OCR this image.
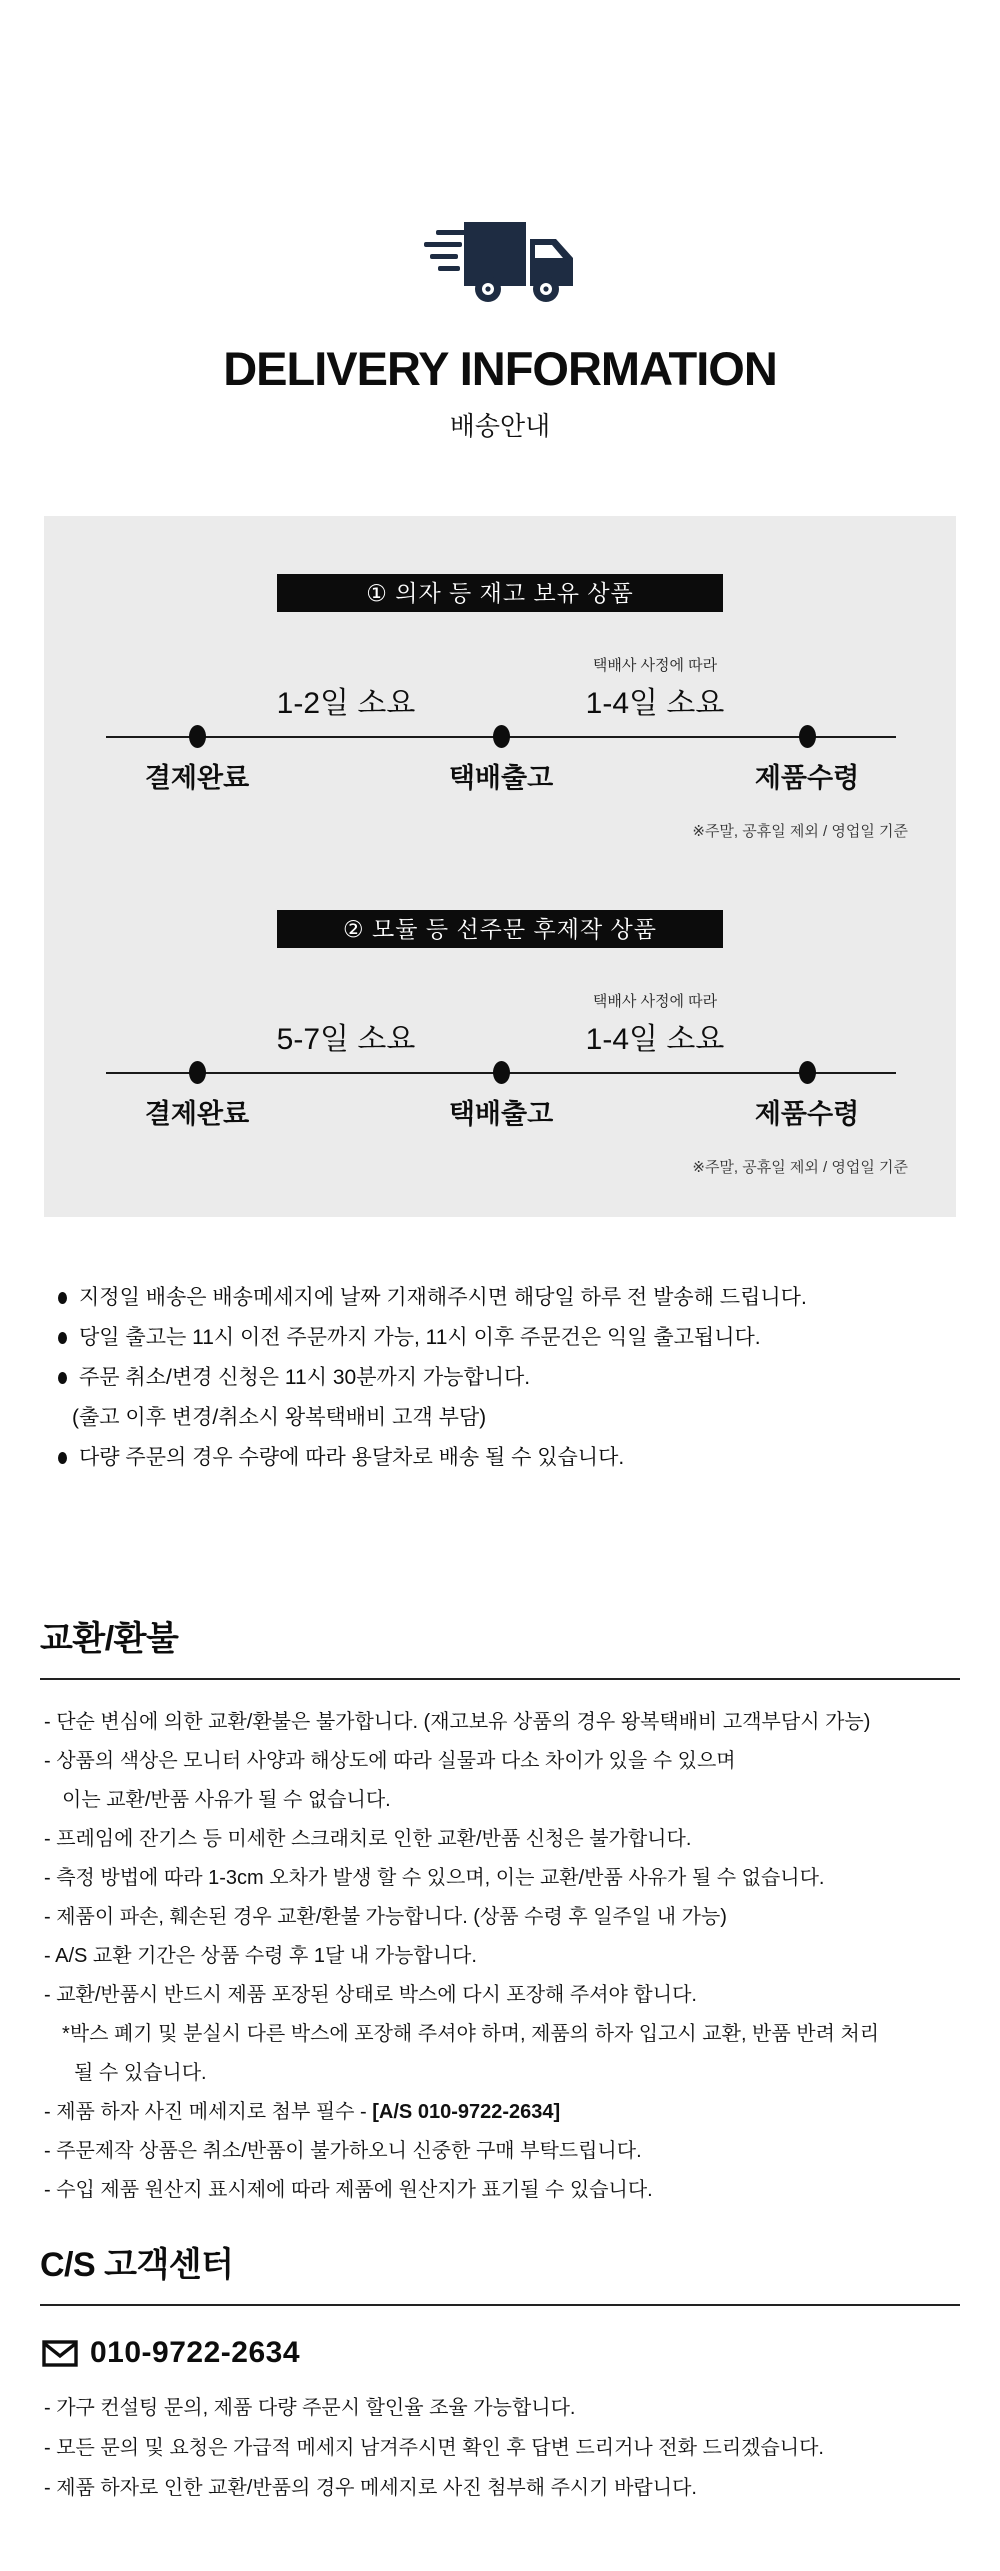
DELIVERY INFORMATION
배송안내
① 의자 등 재고 보유 상품
택배사 사정에 따라
1-2일 소요	1-4일 소요
결제완료	택배출고	제품수령
※주말, 공휴일 제외 / 영업일 기준
② 모듈 등 선주문 후제작 상품
택배사 사정에 따라
5-7일 소요	1-4일 소요
결제완료	택배출고	제품수령
※주말, 공휴일 제외 / 영업일 기준
지정일 배송은 배송메세지에 날짜 기재해주시면 해당일 하루 전 발송해 드립니다.
당일 출고는 11시 이전 주문까지 가능, 11시 이후 주문건은 익일 출고됩니다.
주문 취소/변경 신청은 11시 30분까지 가능합니다.
(출고 이후 변경/취소시 왕복택배비 고객 부담)
다량 주문의 경우 수량에 따라 용달차로 배송 될 수 있습니다.
교환/환불
- 단순 변심에 의한 교환/환불은 불가합니다. (재고보유 상품의 경우 왕복택배비 고객부담시 가능)
- 상품의 색상은 모니터 사양과 해상도에 따라 실물과 다소 차이가 있을 수 있으며
이는 교환/반품 사유가 될 수 없습니다.
- 프레임에 잔기스 등 미세한 스크래치로 인한 교환/반품 신청은 불가합니다.
- 측정 방법에 따라 1-3cm 오차가 발생 할 수 있으며, 이는 교환/반품 사유가 될 수 없습니다.
- 제품이 파손, 훼손된 경우 교환/환불 가능합니다. (상품 수령 후 일주일 내 가능)
- A/S 교환 기간은 상품 수령 후 1달 내 가능합니다.
- 교환/반품시 반드시 제품 포장된 상태로 박스에 다시 포장해 주셔야 합니다.
*박스 폐기 및 분실시 다른 박스에 포장해 주셔야 하며, 제품의 하자 입고시 교환, 반품 반려 처리
될 수 있습니다.
- 제품 하자 사진 메세지로 첨부 필수 - [A/S 010-9722-2634]
- 주문제작 상품은 취소/반품이 불가하오니 신중한 구매 부탁드립니다.
- 수입 제품 원산지 표시제에 따라 제품에 원산지가 표기될 수 있습니다.
C/S 고객센터
010-9722-2634
- 가구 컨설팅 문의, 제품 다량 주문시 할인율 조율 가능합니다.
- 모든 문의 및 요청은 가급적 메세지 남겨주시면 확인 후 답변 드리거나 전화 드리겠습니다.
- 제품 하자로 인한 교환/반품의 경우 메세지로 사진 첨부해 주시기 바랍니다.
